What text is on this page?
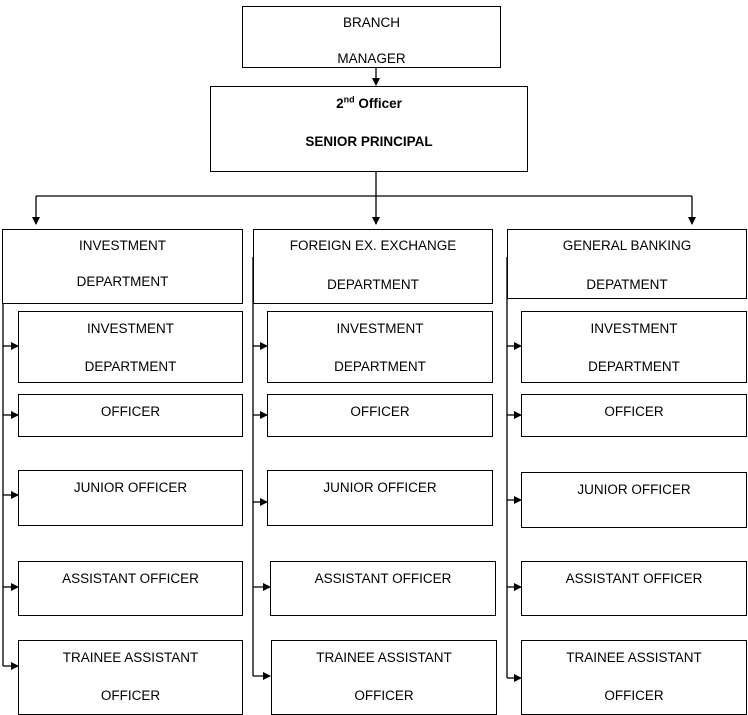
BRANCH
MANAGER
2nd Officer
SENIOR PRINCIPAL
INVESTMENT
DEPARTMENT
FOREIGN EX. EXCHANGE
DEPARTMENT
GENERAL BANKING
DEPATMENT
INVESTMENT
DEPARTMENT
OFFICER
JUNIOR OFFICER
ASSISTANT OFFICER
TRAINEE ASSISTANT
OFFICER
INVESTMENT
DEPARTMENT
OFFICER
JUNIOR OFFICER
ASSISTANT OFFICER
TRAINEE ASSISTANT
OFFICER
INVESTMENT
DEPARTMENT
OFFICER
JUNIOR OFFICER
ASSISTANT OFFICER
TRAINEE ASSISTANT
OFFICER
